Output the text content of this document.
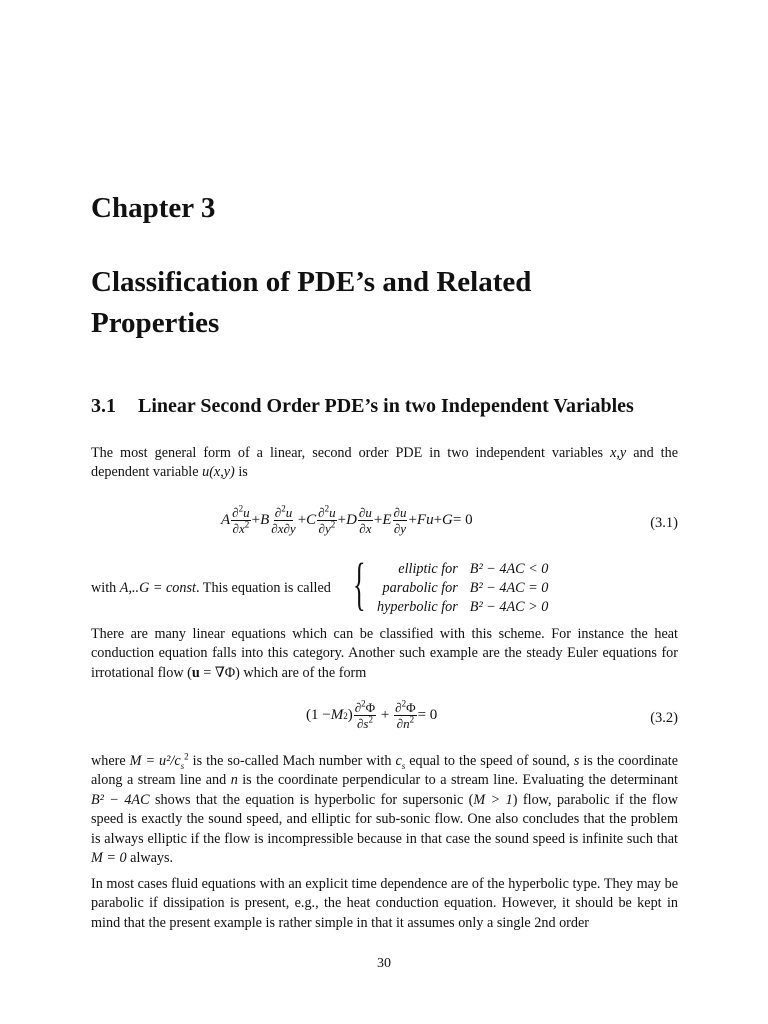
Chapter 3
Classification of PDE’s and Related
Properties
3.1 Linear Second Order PDE’s in two Independent Variables
The most general form of a linear, second order PDE in two independent variables x,y and the dependent variable u(x,y) is
A $\frac{\partial^2u}{\partial x^2} + B \frac{\partial^2u}{\partial x\partial y} + C \frac{\partial^2u}{\partial y^2} + D \frac{\partial u}{\partial x} + E \frac{\partial u}{\partial y} + Fu + G = 0$	(3.1)
with A,..G = const. This equation is called { elliptic for	B² − 4AC < 0
parabolic for	B² − 4AC = 0
hyperbolic for	B² − 4AC > 0
There are many linear equations which can be classified with this scheme. For instance the heat conduction equation falls into this category. Another such example are the steady Euler equations for irrotational flow (u = ∇Φ) which are of the form
(1 − M 2 ) $\frac{\partial^2\Phi}{\partial s^2} + \frac{\partial^2\Phi}{\partial n^2} = 0$	(3.2)
where $M = u^2/c_s^2$ is the so-called Mach number with $c_s$ equal to the speed of sound, s is the coordinate along a stream line and n is the coordinate perpendicular to a stream line. Evaluating the determinant B² − 4AC shows that the equation is hyperbolic for supersonic (M > 1) flow, parabolic if the flow speed is exactly the sound speed, and elliptic for sub-sonic flow. One also concludes that the problem is always elliptic if the flow is incompressible because in that case the sound speed is infinite such that M = 0 always.
In most cases fluid equations with an explicit time dependence are of the hyperbolic type. They may be parabolic if dissipation is present, e.g., the heat conduction equation. However, it should be kept in mind that the present example is rather simple in that it assumes only a single 2nd order
30
